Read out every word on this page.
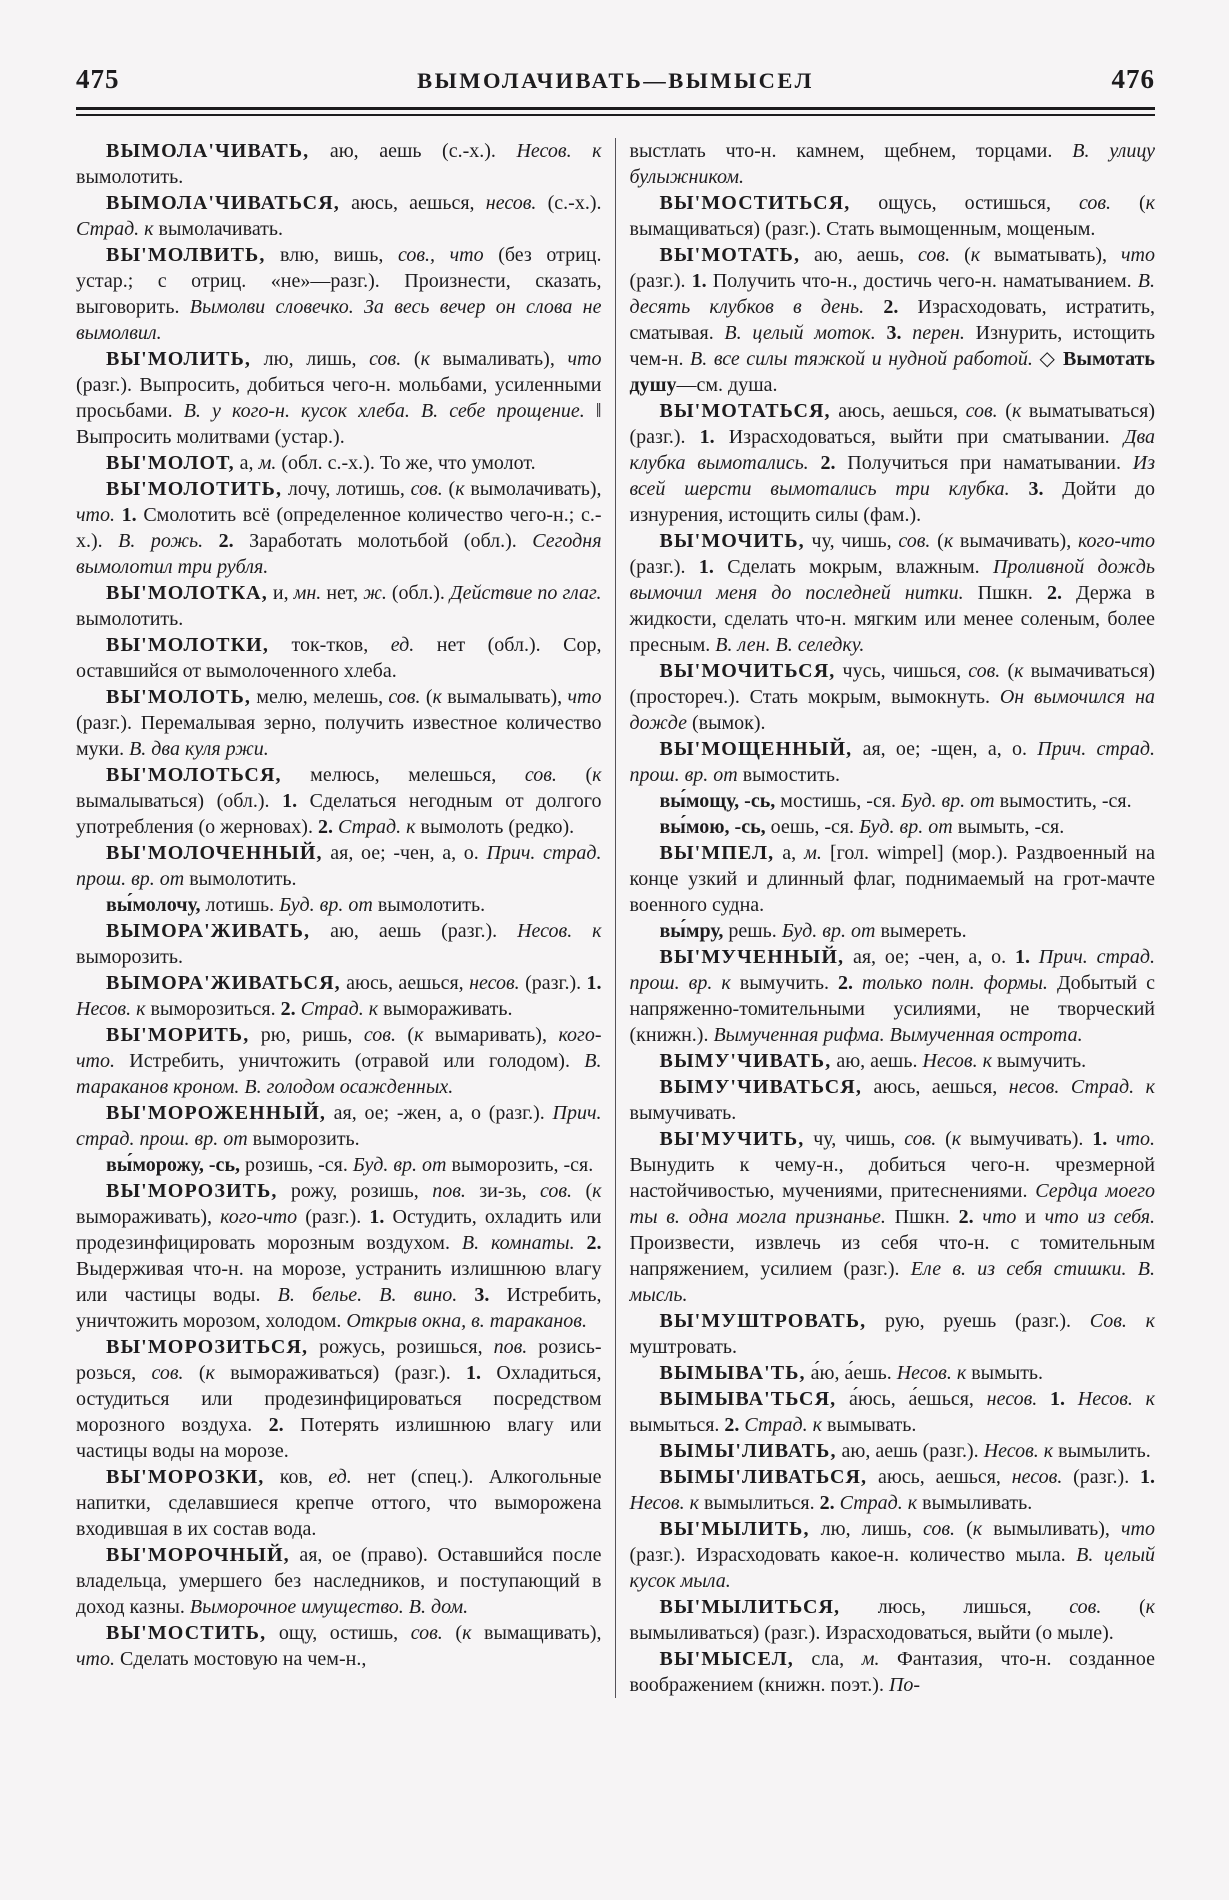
475	ВЫМОЛАЧИВАТЬ—ВЫМЫСЕЛ	476

ВЫМОЛА'ЧИВАТЬ, аю, аешь (с.-х.). Несов. к вымолотить.

ВЫМОЛА'ЧИВАТЬСЯ, аюсь, аешься, несов. (с.-х.). Страд. к вымолачивать.

ВЫ'МОЛВИТЬ, влю, вишь, сов., что (без отриц. устар.; с отриц. «не»—разг.). Произнести, сказать, выговорить. Вымолви словечко. За весь вечер он слова не вымолвил.

ВЫ'МОЛИТЬ, лю, лишь, сов. (к вымаливать), что (разг.). Выпросить, добиться чего-н. мольбами, усиленными просьбами. В. у кого-н. кусок хлеба. В. себе прощение. ‖ Выпросить молитвами (устар.).

ВЫ'МОЛОТ, а, м. (обл. с.-х.). То же, что умолот.

ВЫ'МОЛОТИТЬ, лочу, лотишь, сов. (к вымолачивать), что. 1. Смолотить всё (определенное количество чего-н.; с.-х.). В. рожь. 2. Заработать молотьбой (обл.). Сегодня вымолотил три рубля.

ВЫ'МОЛОТКА, и, мн. нет, ж. (обл.). Действие по глаг. вымолотить.

ВЫ'МОЛОТКИ, ток-тков, ед. нет (обл.). Сор, оставшийся от вымолоченного хлеба.

ВЫ'МОЛОТЬ, мелю, мелешь, сов. (к вымалывать), что (разг.). Перемалывая зерно, получить известное количество муки. В. два куля ржи.

ВЫ'МОЛОТЬСЯ, мелюсь, мелешься, сов. (к вымалываться) (обл.). 1. Сделаться негодным от долгого употребления (о жерновах). 2. Страд. к вымолоть (редко).

ВЫ'МОЛОЧЕННЫЙ, ая, ое; -чен, а, о. Прич. страд. прош. вр. от вымолотить.

вы́молочу, лотишь. Буд. вр. от вымолотить.

ВЫМОРА'ЖИВАТЬ, аю, аешь (разг.). Несов. к выморозить.

ВЫМОРА'ЖИВАТЬСЯ, аюсь, аешься, несов. (разг.). 1. Несов. к выморозиться. 2. Страд. к вымораживать.

ВЫ'МОРИТЬ, рю, ришь, сов. (к вымаривать), кого-что. Истребить, уничтожить (отравой или голодом). В. тараканов кроном. В. голодом осажденных.

ВЫ'МОРОЖЕННЫЙ, ая, ое; -жен, а, о (разг.). Прич. страд. прош. вр. от выморозить.

вы́морожу, -сь, розишь, -ся. Буд. вр. от выморозить, -ся.

ВЫ'МОРОЗИТЬ, рожу, розишь, пов. зи-зь, сов. (к вымораживать), кого-что (разг.). 1. Остудить, охладить или продезинфицировать морозным воздухом. В. комнаты. 2. Выдерживая что-н. на морозе, устранить излишнюю влагу или частицы воды. В. белье. В. вино. 3. Истребить, уничтожить морозом, холодом. Открыв окна, в. тараканов.

ВЫ'МОРОЗИТЬСЯ, рожусь, розишься, пов. розись-розься, сов. (к вымораживаться) (разг.). 1. Охладиться, остудиться или продезинфицироваться посредством морозного воздуха. 2. Потерять излишнюю влагу или частицы воды на морозе.

ВЫ'МОРОЗКИ, ков, ед. нет (спец.). Алкогольные напитки, сделавшиеся крепче оттого, что выморожена входившая в их состав вода.

ВЫ'МОРОЧНЫЙ, ая, ое (право). Оставшийся после владельца, умершего без наследников, и поступающий в доход казны. Выморочное имущество. В. дом.

ВЫ'МОСТИТЬ, ощу, остишь, сов. (к вымащивать), что. Сделать мостовую на чем-н.,

выстлать что-н. камнем, щебнем, торцами. В. улицу булыжником.

ВЫ'МОСТИТЬСЯ, ощусь, остишься, сов. (к вымащиваться) (разг.). Стать вымощенным, мощеным.

ВЫ'МОТАТЬ, аю, аешь, сов. (к выматывать), что (разг.). 1. Получить что-н., достичь чего-н. наматыванием. В. десять клубков в день. 2. Израсходовать, истратить, сматывая. В. целый моток. 3. перен. Изнурить, истощить чем-н. В. все силы тяжкой и нудной работой. ◇ Вымотать душу—см. душа.

ВЫ'МОТАТЬСЯ, аюсь, аешься, сов. (к выматываться) (разг.). 1. Израсходоваться, выйти при сматывании. Два клубка вымотались. 2. Получиться при наматывании. Из всей шерсти вымотались три клубка. 3. Дойти до изнурения, истощить силы (фам.).

ВЫ'МОЧИТЬ, чу, чишь, сов. (к вымачивать), кого-что (разг.). 1. Сделать мокрым, влажным. Проливной дождь вымочил меня до последней нитки. Пшкн. 2. Держа в жидкости, сделать что-н. мягким или менее соленым, более пресным. В. лен. В. селедку.

ВЫ'МОЧИТЬСЯ, чусь, чишься, сов. (к вымачиваться) (простореч.). Стать мокрым, вымокнуть. Он вымочился на дожде (вымок).

ВЫ'МОЩЕННЫЙ, ая, ое; -щен, а, о. Прич. страд. прош. вр. от вымостить.

вы́мощу, -сь, мостишь, -ся. Буд. вр. от вымостить, -ся.

вы́мою, -сь, оешь, -ся. Буд. вр. от вымыть, -ся.

ВЫ'МПЕЛ, а, м. [гол. wimpel] (мор.). Раздвоенный на конце узкий и длинный флаг, поднимаемый на грот-мачте военного судна.

вы́мру, решь. Буд. вр. от вымереть.

ВЫ'МУЧЕННЫЙ, ая, ое; -чен, а, о. 1. Прич. страд. прош. вр. к вымучить. 2. только полн. формы. Добытый с напряженно-томительными усилиями, не творческий (книжн.). Вымученная рифма. Вымученная острота.

ВЫМУ'ЧИВАТЬ, аю, аешь. Несов. к вымучить.

ВЫМУ'ЧИВАТЬСЯ, аюсь, аешься, несов. Страд. к вымучивать.

ВЫ'МУЧИТЬ, чу, чишь, сов. (к вымучивать). 1. что. Вынудить к чему-н., добиться чего-н. чрезмерной настойчивостью, мучениями, притеснениями. Сердца моего ты в. одна могла признанье. Пшкн. 2. что и что из себя. Произвести, извлечь из себя что-н. с томительным напряжением, усилием (разг.). Еле в. из себя стишки. В. мысль.

ВЫ'МУШТРОВАТЬ, рую, руешь (разг.). Сов. к муштровать.

ВЫМЫВА'ТЬ, а́ю, а́ешь. Несов. к вымыть.

ВЫМЫВА'ТЬСЯ, а́юсь, а́ешься, несов. 1. Несов. к вымыться. 2. Страд. к вымывать.

ВЫМЫ'ЛИВАТЬ, аю, аешь (разг.). Несов. к вымылить.

ВЫМЫ'ЛИВАТЬСЯ, аюсь, аешься, несов. (разг.). 1. Несов. к вымылиться. 2. Страд. к вымыливать.

ВЫ'МЫЛИТЬ, лю, лишь, сов. (к вымыливать), что (разг.). Израсходовать какое-н. количество мыла. В. целый кусок мыла.

ВЫ'МЫЛИТЬСЯ, люсь, лишься, сов. (к вымыливаться) (разг.). Израсходоваться, выйти (о мыле).

ВЫ'МЫСЕЛ, сла, м. Фантазия, что-н. созданное воображением (книжн. поэт.). По-
